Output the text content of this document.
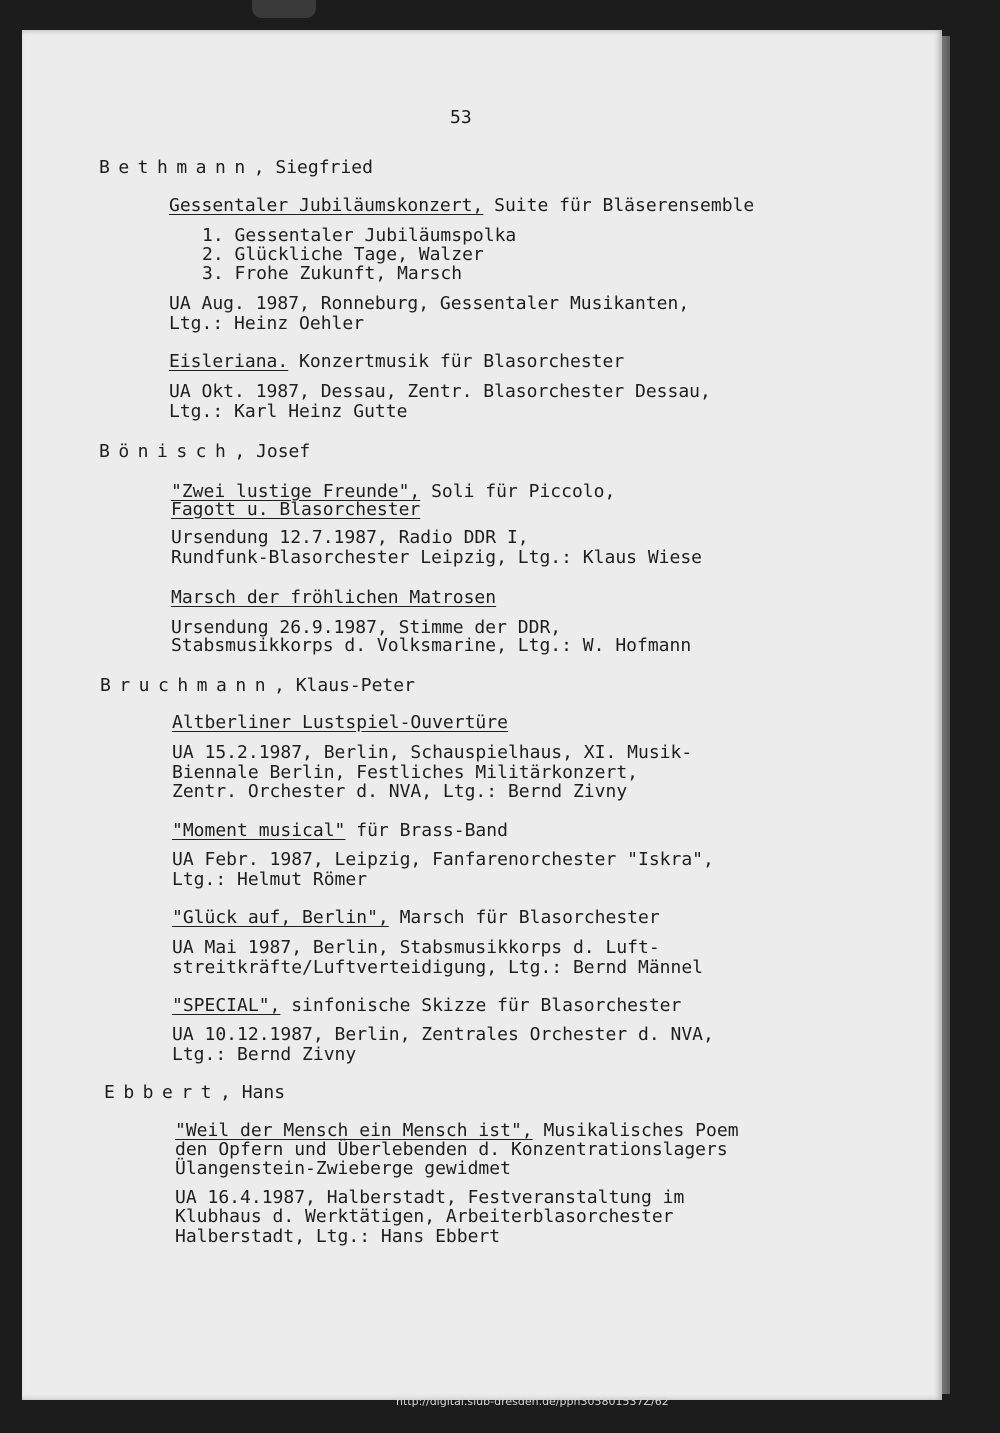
53

Bethmann, Siegfried

Gessentaler Jubiläumskonzert, Suite für Bläserensemble

1. Gessentaler Jubiläumspolka

2. Glückliche Tage, Walzer

3. Frohe Zukunft, Marsch

UA Aug. 1987, Ronneburg, Gessentaler Musikanten,

Ltg.: Heinz Oehler

Eisleriana. Konzertmusik für Blasorchester

UA Okt. 1987, Dessau, Zentr. Blasorchester Dessau,

Ltg.: Karl Heinz Gutte

Bönisch, Josef

"Zwei lustige Freunde", Soli für Piccolo,

Fagott u. Blasorchester

Ursendung 12.7.1987, Radio DDR I,

Rundfunk-Blasorchester Leipzig, Ltg.: Klaus Wiese

Marsch der fröhlichen Matrosen

Ursendung 26.9.1987, Stimme der DDR,

Stabsmusikkorps d. Volksmarine, Ltg.: W. Hofmann

Bruchmann, Klaus-Peter

Altberliner Lustspiel-Ouvertüre

UA 15.2.1987, Berlin, Schauspielhaus, XI. Musik-

Biennale Berlin, Festliches Militärkonzert,

Zentr. Orchester d. NVA, Ltg.: Bernd Zivny

"Moment musical" für Brass-Band

UA Febr. 1987, Leipzig, Fanfarenorchester "Iskra",

Ltg.: Helmut Römer

"Glück auf, Berlin", Marsch für Blasorchester

UA Mai 1987, Berlin, Stabsmusikkorps d. Luft-

streitkräfte/Luftverteidigung, Ltg.: Bernd Männel

"SPECIAL", sinfonische Skizze für Blasorchester

UA 10.12.1987, Berlin, Zentrales Orchester d. NVA,

Ltg.: Bernd Zivny

Ebbert, Hans

"Weil der Mensch ein Mensch ist", Musikalisches Poem

den Opfern und Überlebenden d. Konzentrationslagers

Ülangenstein-Zwieberge gewidmet

UA 16.4.1987, Halberstadt, Festveranstaltung im

Klubhaus d. Werktätigen, Arbeiterblasorchester

Halberstadt, Ltg.: Hans Ebbert

http://digital.slub-dresden.de/ppn305801537Z/62
